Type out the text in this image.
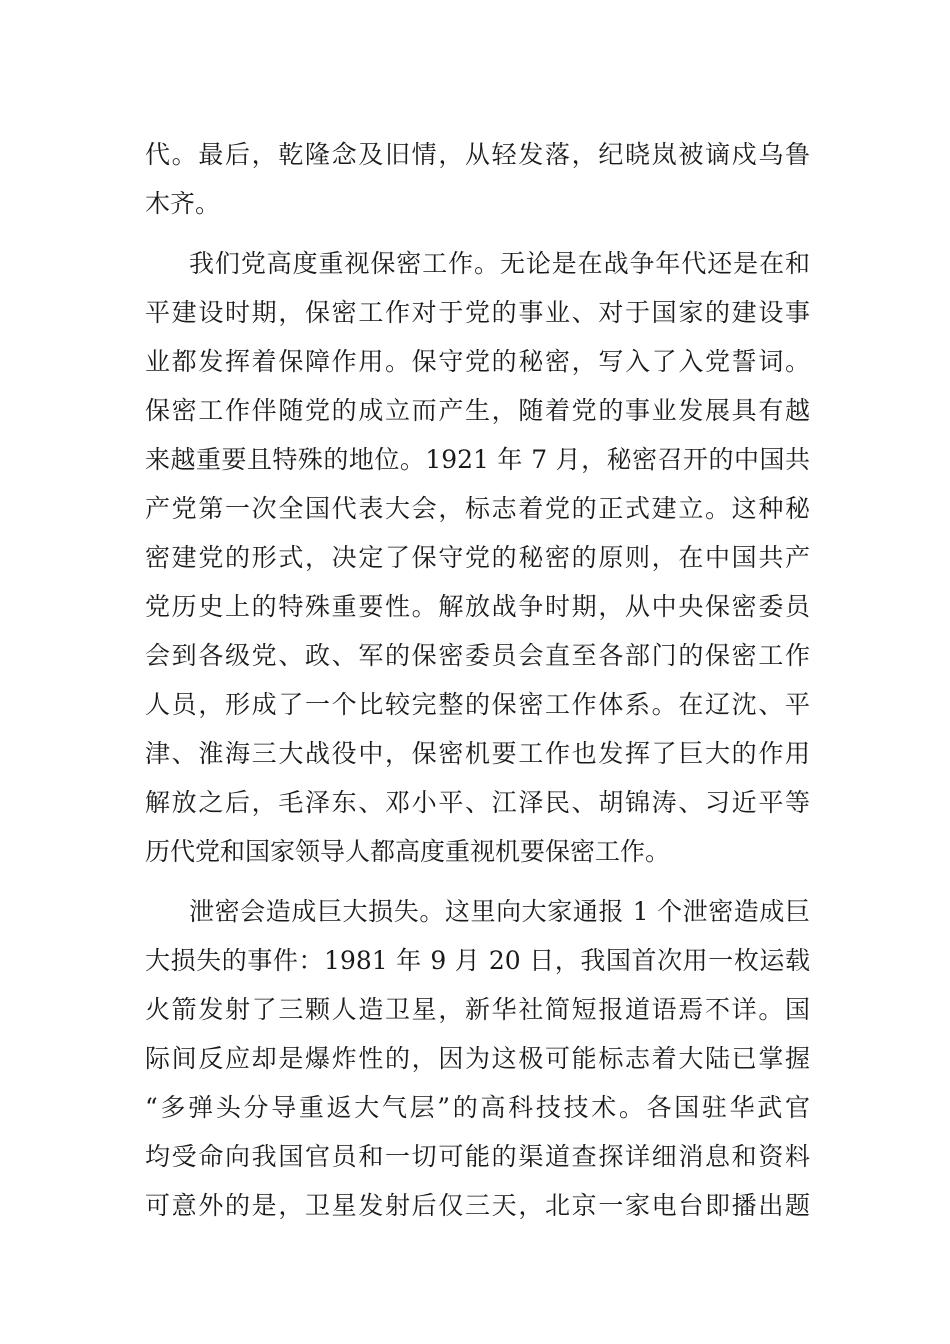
代。最后，乾隆念及旧情，从轻发落，纪晓岚被谪戍乌鲁
木齐。
我们党高度重视保密工作。无论是在战争年代还是在和
平建设时期，保密工作对于党的事业、对于国家的建设事
业都发挥着保障作用。保守党的秘密，写入了入党誓词。
保密工作伴随党的成立而产生，随着党的事业发展具有越
来越重要且特殊的地位。1921 年 7 月，秘密召开的中国共
产党第一次全国代表大会，标志着党的正式建立。这种秘
密建党的形式，决定了保守党的秘密的原则，在中国共产
党历史上的特殊重要性。解放战争时期，从中央保密委员
会到各级党、政、军的保密委员会直至各部门的保密工作
人员，形成了一个比较完整的保密工作体系。在辽沈、平
津、淮海三大战役中，保密机要工作也发挥了巨大的作用
解放之后，毛泽东、邓小平、江泽民、胡锦涛、习近平等
历代党和国家领导人都高度重视机要保密工作。
泄密会造成巨大损失。这里向大家通报 1 个泄密造成巨
大损失的事件：1981 年 9 月 20 日，我国首次用一枚运载
火箭发射了三颗人造卫星，新华社简短报道语焉不详。国
际间反应却是爆炸性的，因为这极可能标志着大陆已掌握
“多弹头分导重返大气层”的高科技技术。各国驻华武官
均受命向我国官员和一切可能的渠道查探详细消息和资料
可意外的是，卫星发射后仅三天，北京一家电台即播出题
